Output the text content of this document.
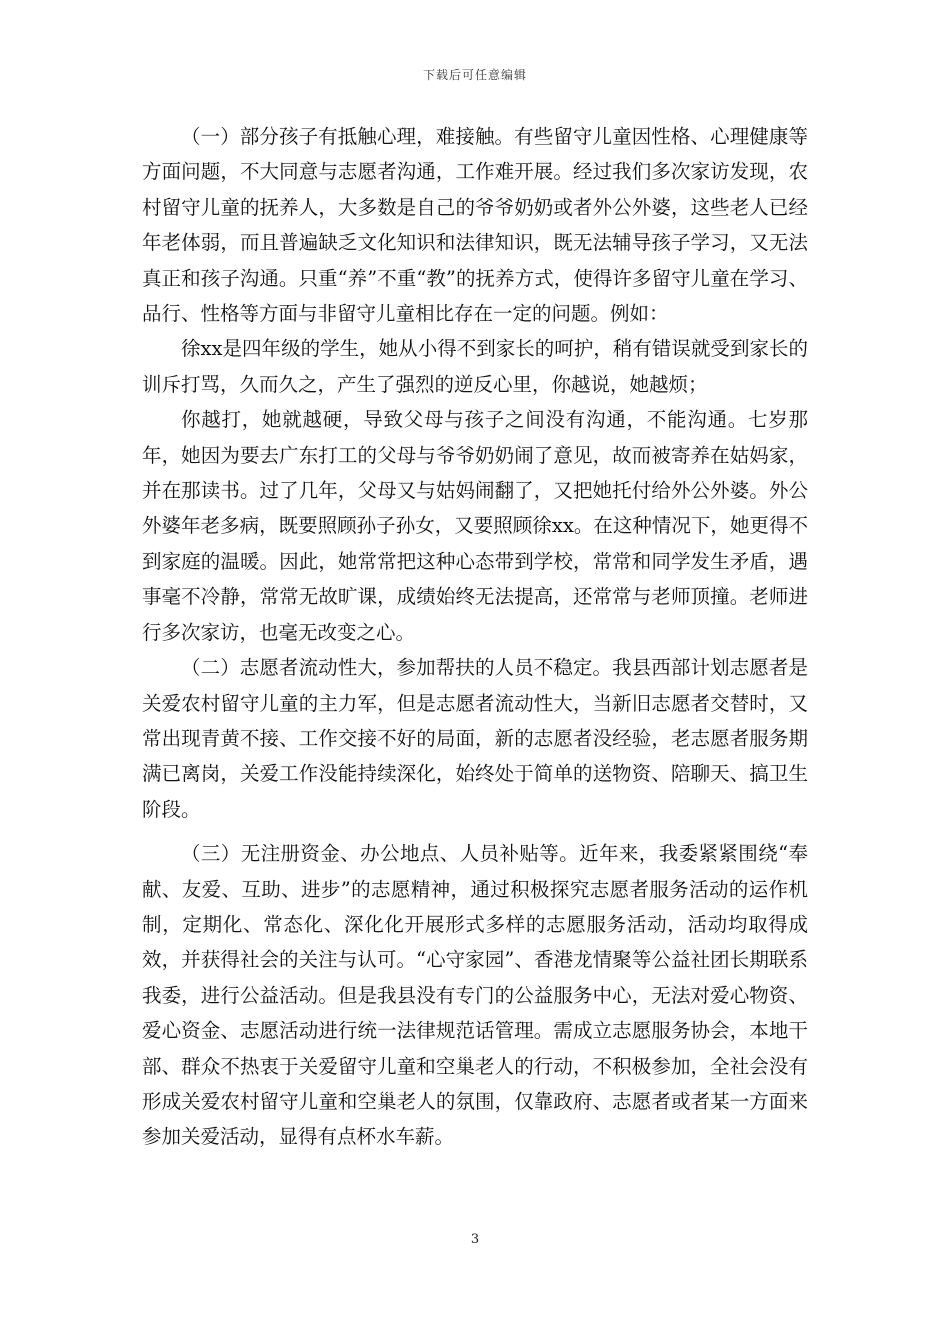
下载后可任意编辑

（一）部分孩子有抵触心理，难接触。有些留守儿童因性格、心理健康等方面问题，不大同意与志愿者沟通，工作难开展。经过我们多次家访发现，农村留守儿童的抚养人，大多数是自己的爷爷奶奶或者外公外婆，这些老人已经年老体弱，而且普遍缺乏文化知识和法律知识，既无法辅导孩子学习，又无法真正和孩子沟通。只重“养”不重“教”的抚养方式，使得许多留守儿童在学习、品行、性格等方面与非留守儿童相比存在一定的问题。例如：

徐xx是四年级的学生，她从小得不到家长的呵护，稍有错误就受到家长的训斥打骂，久而久之，产生了强烈的逆反心里，你越说，她越烦；

你越打，她就越硬，导致父母与孩子之间没有沟通，不能沟通。七岁那年，她因为要去广东打工的父母与爷爷奶奶闹了意见，故而被寄养在姑妈家，并在那读书。过了几年，父母又与姑妈闹翻了，又把她托付给外公外婆。外公外婆年老多病，既要照顾孙子孙女，又要照顾徐xx。在这种情况下，她更得不到家庭的温暖。因此，她常常把这种心态带到学校，常常和同学发生矛盾，遇事毫不冷静，常常无故旷课，成绩始终无法提高，还常常与老师顶撞。老师进行多次家访，也毫无改变之心。

（二）志愿者流动性大，参加帮扶的人员不稳定。我县西部计划志愿者是关爱农村留守儿童的主力军，但是志愿者流动性大，当新旧志愿者交替时，又常出现青黄不接、工作交接不好的局面，新的志愿者没经验，老志愿者服务期满已离岗，关爱工作没能持续深化，始终处于简单的送物资、陪聊天、搞卫生阶段。

（三）无注册资金、办公地点、人员补贴等。近年来，我委紧紧围绕“奉献、友爱、互助、进步”的志愿精神，通过积极探究志愿者服务活动的运作机制，定期化、常态化、深化化开展形式多样的志愿服务活动，活动均取得成效，并获得社会的关注与认可。“心守家园”、香港龙情聚等公益社团长期联系我委，进行公益活动。但是我县没有专门的公益服务中心，无法对爱心物资、爱心资金、志愿活动进行统一法律规范话管理。需成立志愿服务协会，本地干部、群众不热衷于关爱留守儿童和空巢老人的行动，不积极参加，全社会没有形成关爱农村留守儿童和空巢老人的氛围，仅靠政府、志愿者或者某一方面来参加关爱活动，显得有点杯水车薪。

3
